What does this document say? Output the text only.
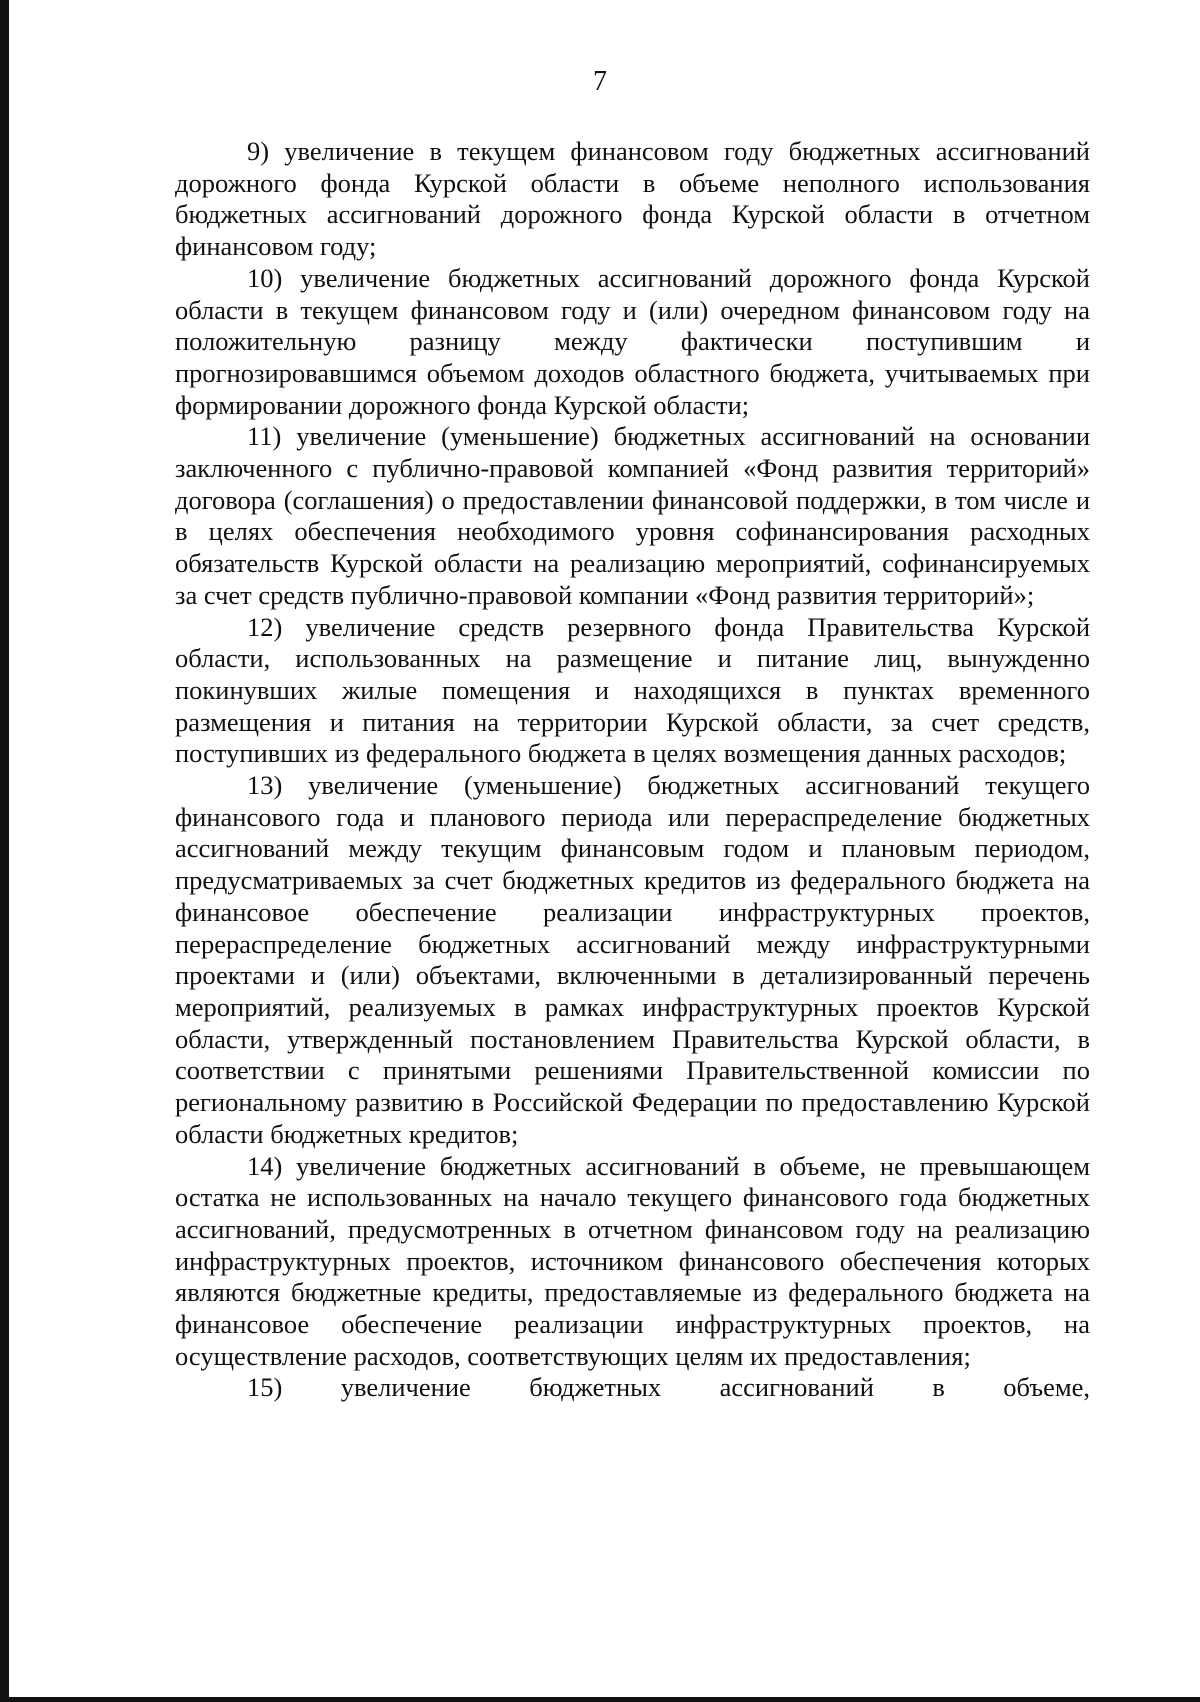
7

9) увеличение в текущем финансовом году бюджетных ассигнований дорожного фонда Курской области в объеме неполного использования бюджетных ассигнований дорожного фонда Курской области в отчетном финансовом году;

10) увеличение бюджетных ассигнований дорожного фонда Курской области в текущем финансовом году и (или) очередном финансовом году на положительную разницу между фактически поступившим и прогнозировавшимся объемом доходов областного бюджета, учитываемых при формировании дорожного фонда Курской области;

11) увеличение (уменьшение) бюджетных ассигнований на основании заключенного с публично-правовой компанией «Фонд развития территорий» договора (соглашения) о предоставлении финансовой поддержки, в том числе и в целях обеспечения необходимого уровня софинансирования расходных обязательств Курской области на реализацию мероприятий, софинансируемых за счет средств публично-правовой компании «Фонд развития территорий»;

12) увеличение средств резервного фонда Правительства Курской области, использованных на размещение и питание лиц, вынужденно покинувших жилые помещения и находящихся в пунктах временного размещения и питания на территории Курской области, за счет средств, поступивших из федерального бюджета в целях возмещения данных расходов;

13) увеличение (уменьшение) бюджетных ассигнований текущего финансового года и планового периода или перераспределение бюджетных ассигнований между текущим финансовым годом и плановым периодом, предусматриваемых за счет бюджетных кредитов из федерального бюджета на финансовое обеспечение реализации инфраструктурных проектов, перераспределение бюджетных ассигнований между инфраструктурными проектами и (или) объектами, включенными в детализированный перечень мероприятий, реализуемых в рамках инфраструктурных проектов Курской области, утвержденный постановлением Правительства Курской области, в соответствии с принятыми решениями Правительственной комиссии по региональному развитию в Российской Федерации по предоставлению Курской области бюджетных кредитов;

14) увеличение бюджетных ассигнований в объеме, не превышающем остатка не использованных на начало текущего финансового года бюджетных ассигнований, предусмотренных в отчетном финансовом году на реализацию инфраструктурных проектов, источником финансового обеспечения которых являются бюджетные кредиты, предоставляемые из федерального бюджета на финансовое обеспечение реализации инфраструктурных проектов, на осуществление расходов, соответствующих целям их предоставления;

15) увеличение бюджетных ассигнований в объеме,
